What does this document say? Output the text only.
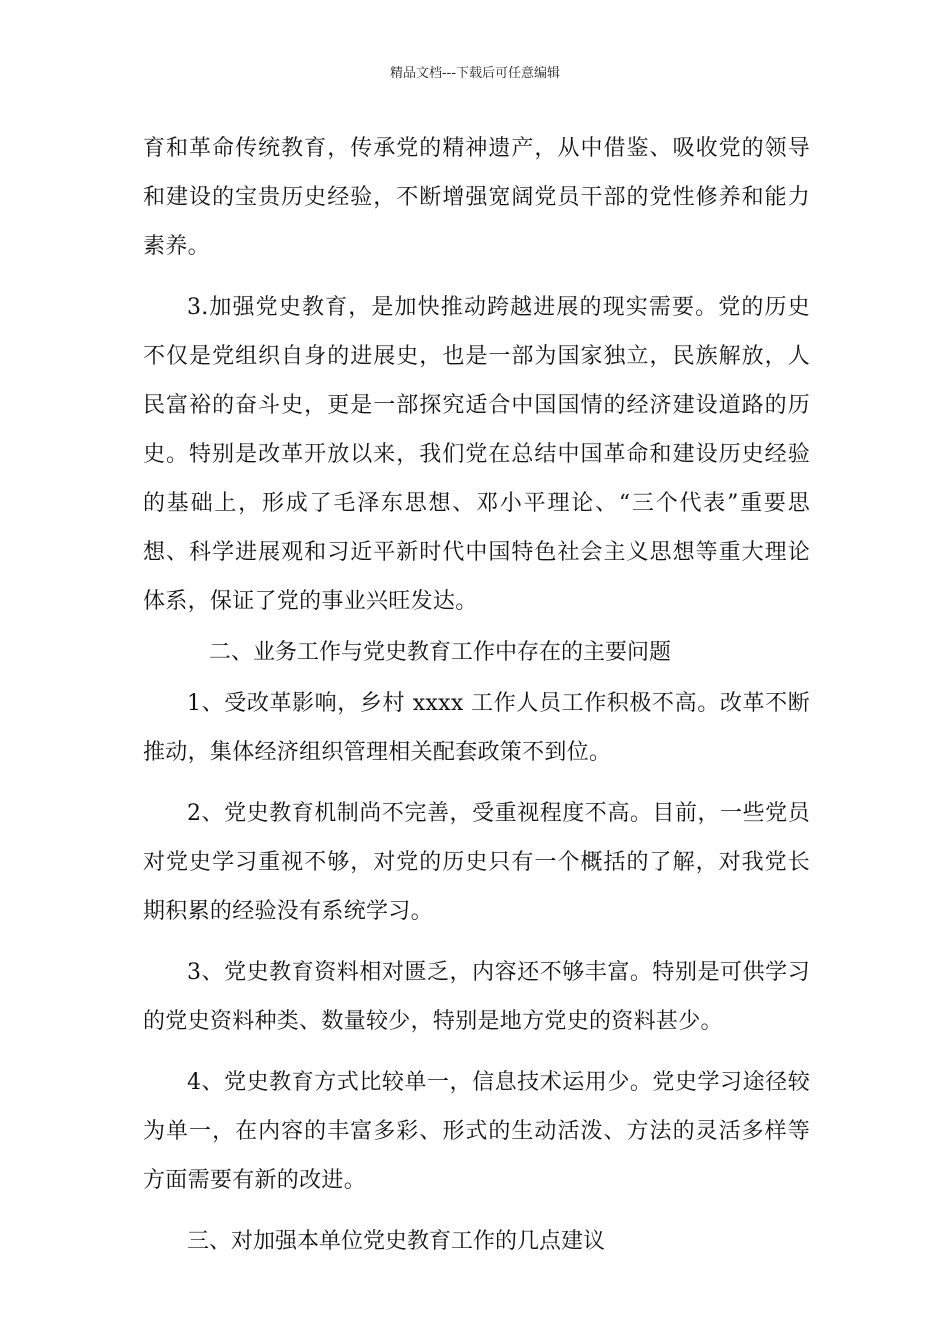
精品文档---下载后可任意编辑

育和革命传统教育，传承党的精神遗产，从中借鉴、吸收党的领导和建设的宝贵历史经验，不断增强宽阔党员干部的党性修养和能力素养。

3.加强党史教育，是加快推动跨越进展的现实需要。党的历史不仅是党组织自身的进展史，也是一部为国家独立，民族解放，人民富裕的奋斗史，更是一部探究适合中国国情的经济建设道路的历史。特别是改革开放以来，我们党在总结中国革命和建设历史经验的基础上，形成了毛泽东思想、邓小平理论、“三个代表”重要思想、科学进展观和习近平新时代中国特色社会主义思想等重大理论体系，保证了党的事业兴旺发达。

二、业务工作与党史教育工作中存在的主要问题

1、受改革影响，乡村 xxxx 工作人员工作积极不高。改革不断推动，集体经济组织管理相关配套政策不到位。

2、党史教育机制尚不完善，受重视程度不高。目前，一些党员对党史学习重视不够，对党的历史只有一个概括的了解，对我党长期积累的经验没有系统学习。

3、党史教育资料相对匮乏，内容还不够丰富。特别是可供学习的党史资料种类、数量较少，特别是地方党史的资料甚少。

4、党史教育方式比较单一，信息技术运用少。党史学习途径较为单一，在内容的丰富多彩、形式的生动活泼、方法的灵活多样等方面需要有新的改进。

三、对加强本单位党史教育工作的几点建议
